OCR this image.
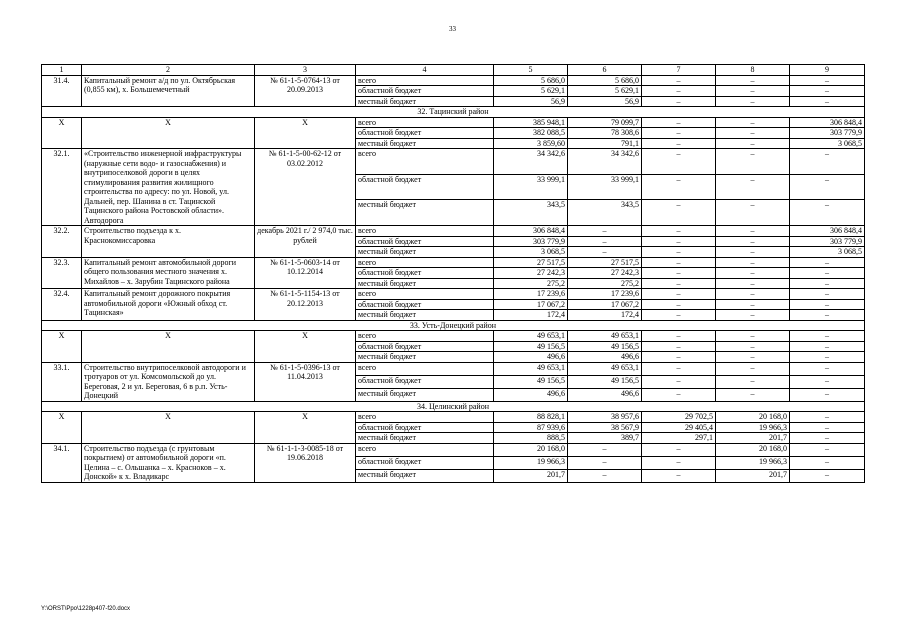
33
1	2	3	4	5	6	7	8	9
31.4.	Капитальный ремонт а/д по ул. Октябрьская (0,855 км), х. Большемечетный	№ 61-1-5-0764-13 от 20.09.2013	всего	5 686,0	5 686,0	–	–	–
			областной бюджет	5 629,1	5 629,1	–	–	–
			местный бюджет	56,9	56,9	–	–	–
32. Тацинский район								
Х	Х	Х	всего	385 948,1	79 099,7	–	–	306 848,4
			областной бюджет	382 088,5	78 308,6	–	–	303 779,9
			местный бюджет	3 859,60	791,1	–	–	3 068,5
32.1.	«Строительство инженерной инфраструктуры (наружные сети водо- и газоснабжения) и внутрипоселковой дороги в целях стимулирования развития жилищного строительства по адресу: по ул. Новой, ул. Дальней, пер. Шанина в ст. Тацинской Тацинского района Ростовской области». Автодорога	№ 61-1-5-00-62-12 от 03.02.2012	всего	34 342,6	34 342,6	–	–	–
			областной бюджет	33 999,1	33 999,1	–	–	–
			местный бюджет	343,5	343,5	–	–	–
32.2.	Строительство подъезда к х. Краснокомиссаровка	декабрь 2021 г./ 2 974,0 тыс. рублей	всего	306 848,4	–	–	–	306 848,4
			областной бюджет	303 779,9	–	–	–	303 779,9
			местный бюджет	3 068,5	–	–	–	3 068,5
32.3.	Капитальный ремонт автомобильной дороги общего пользования местного значения х. Михайлов – х. Зарубин Тацинского района	№ 61-1-5-0603-14 от 10.12.2014	всего	27 517,5	27 517,5	–	–	–
			областной бюджет	27 242,3	27 242,3	–	–	–
			местный бюджет	275,2	275,2	–	–	–
32.4.	Капитальный ремонт дорожного покрытия автомобильной дороги «Южный обход ст. Тацинская»	№ 61-1-5-1154-13 от 20.12.2013	всего	17 239,6	17 239,6	–	–	–
			областной бюджет	17 067,2	17 067,2	–	–	–
			местный бюджет	172,4	172,4	–	–	–
33. Усть-Донецкий район								
Х	Х	Х	всего	49 653,1	49 653,1	–	–	–
			областной бюджет	49 156,5	49 156,5	–	–	–
			местный бюджет	496,6	496,6	–	–	–
33.1.	Строительство внутрипоселковой автодороги и тротуаров от ул. Комсомольской до ул. Береговая, 2 и ул. Береговая, 6 в р.п. Усть-Донецкий	№ 61-1-5-0396-13 от 11.04.2013	всего	49 653,1	49 653,1	–	–	–
			областной бюджет	49 156,5	49 156,5	–	–	–
			местный бюджет	496,6	496,6	–	–	–
34. Целинский район								
Х	Х	Х	всего	88 828,1	38 957,6	29 702,5	20 168,0	–
			областной бюджет	87 939,6	38 567,9	29 405,4	19 966,3	–
			местный бюджет	888,5	389,7	297,1	201,7	–
34.1.	Строительство подъезда (с грунтовым покрытием) от автомобильной дороги «п. Целина – с. Ольшанка – х. Красноков – х. Донской» к х. Владикарс	№ 61-1-1-3-0085-18 от 19.06.2018	всего	20 168,0	–	–	20 168,0	–
			областной бюджет	19 966,3	–	–	19 966,3	–
			местный бюджет	201,7	–	–	201,7	–
Y:\ORST\Ppo\1228p407-f20.docx
